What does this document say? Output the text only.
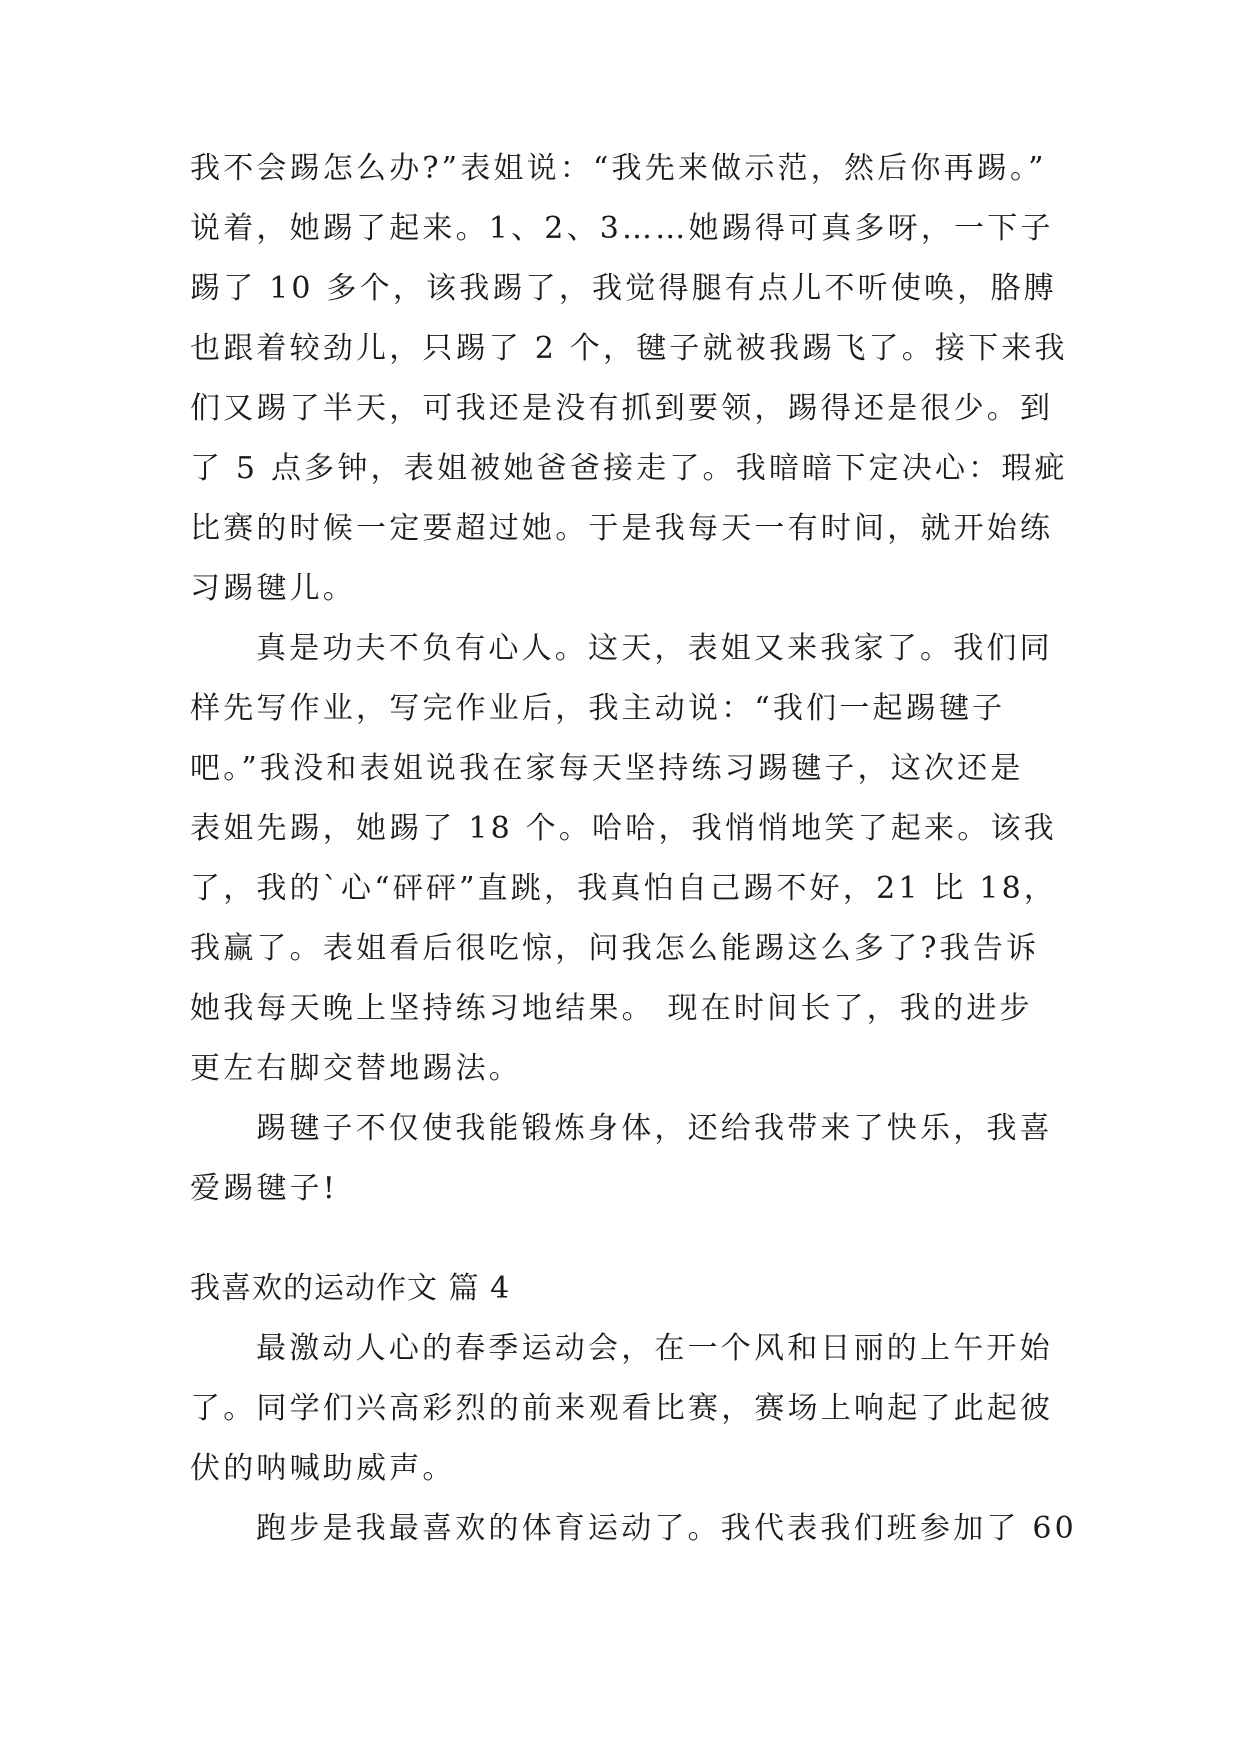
我不会踢怎么办?”表姐说：“我先来做示范，然后你再踢。”
说着，她踢了起来。1、2、3……她踢得可真多呀，一下子
踢了 10 多个，该我踢了，我觉得腿有点儿不听使唤，胳膊
也跟着较劲儿，只踢了 2 个，毽子就被我踢飞了。接下来我
们又踢了半天，可我还是没有抓到要领，踢得还是很少。到
了 5 点多钟，表姐被她爸爸接走了。我暗暗下定决心：瑕疵
比赛的时候一定要超过她。于是我每天一有时间，就开始练
习踢毽儿。
真是功夫不负有心人。这天，表姐又来我家了。我们同
样先写作业，写完作业后，我主动说：“我们一起踢毽子
吧。”我没和表姐说我在家每天坚持练习踢毽子，这次还是
表姐先踢，她踢了 18 个。哈哈，我悄悄地笑了起来。该我
了，我的`心“砰砰”直跳，我真怕自己踢不好，21 比 18，
我赢了。表姐看后很吃惊，问我怎么能踢这么多了?我告诉
她我每天晚上坚持练习地结果。 现在时间长了，我的进步
更左右脚交替地踢法。
踢毽子不仅使我能锻炼身体，还给我带来了快乐，我喜
爱踢毽子!
我喜欢的运动作文 篇 4
最激动人心的春季运动会，在一个风和日丽的上午开始
了。同学们兴高彩烈的前来观看比赛，赛场上响起了此起彼
伏的呐喊助威声。
跑步是我最喜欢的体育运动了。我代表我们班参加了 60
